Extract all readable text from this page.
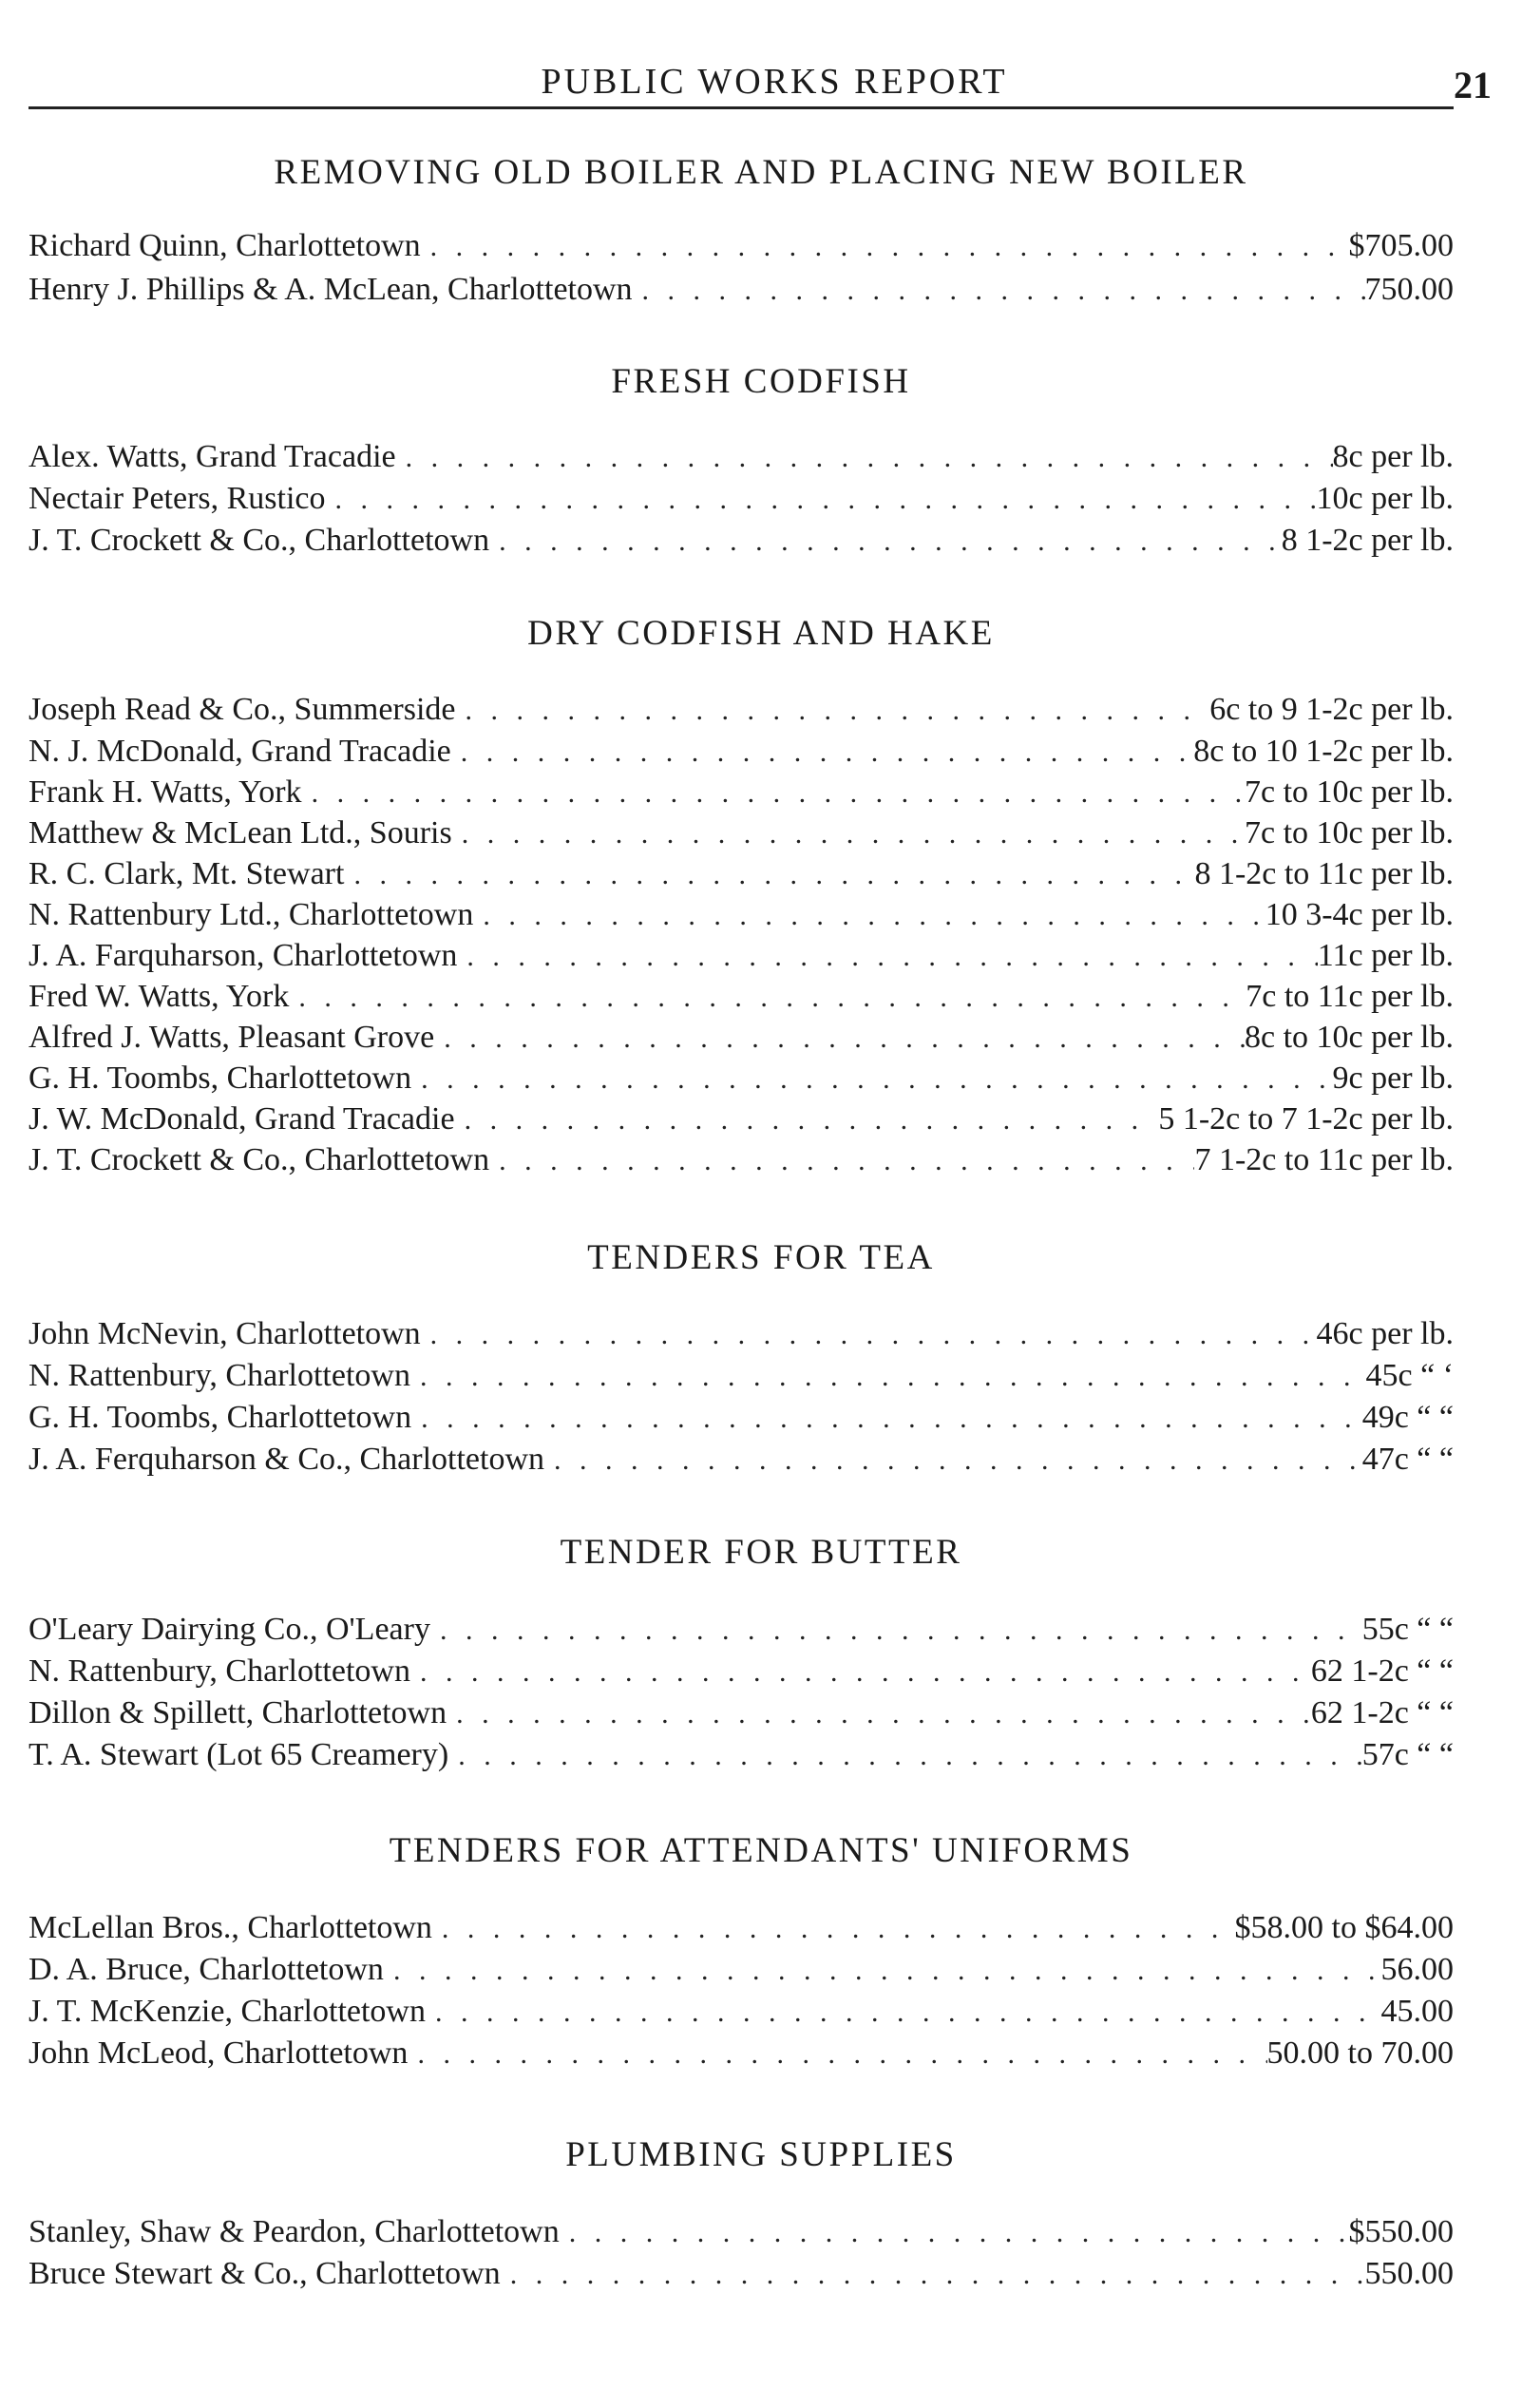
PUBLIC WORKS REPORT	21
REMOVING OLD BOILER AND PLACING NEW BOILER
Richard Quinn, Charlottetown . . .	$705.00
Henry J. Phillips & A. McLean, Charlottetown . . .	750.00
FRESH CODFISH
Alex. Watts, Grand Tracadie . . .	8c per lb.
Nectair Peters, Rustico . . .	10c per lb.
J. T. Crockett & Co., Charlottetown . . .	8 1-2c per lb.
DRY CODFISH AND HAKE
Joseph Read & Co., Summerside . . .	6c to 9 1-2c per lb.
N. J. McDonald, Grand Tracadie . . .	8c to 10 1-2c per lb.
Frank H. Watts, York . . .	7c to 10c per lb.
Matthew & McLean Ltd., Souris . . .	7c to 10c per lb.
R. C. Clark, Mt. Stewart . . .	8 1-2c to 11c per lb.
N. Rattenbury Ltd., Charlottetown . . .	10 3-4c per lb.
J. A. Farquharson, Charlottetown . . .	11c per lb.
Fred W. Watts, York . . .	7c to 11c per lb.
Alfred J. Watts, Pleasant Grove . . .	8c to 10c per lb.
G. H. Toombs, Charlottetown . . .	9c per lb.
J. W. McDonald, Grand Tracadie . . .	5 1-2c to 7 1-2c per lb.
J. T. Crockett & Co., Charlottetown . . .	7 1-2c to 11c per lb.
TENDERS FOR TEA
John McNevin, Charlottetown . . .	46c per lb.
N. Rattenbury, Charlottetown . . .	45c “ ‘
G. H. Toombs, Charlottetown . . .	49c “ “
J. A. Ferquharson & Co., Charlottetown . . .	47c “ “
TENDER FOR BUTTER
O'Leary Dairying Co., O'Leary . . .	55c “ “
N. Rattenbury, Charlottetown . . .	62 1-2c “ “
Dillon & Spillett, Charlottetown . . .	62 1-2c “ “
T. A. Stewart (Lot 65 Creamery) . . .	57c “ “
TENDERS FOR ATTENDANTS' UNIFORMS
McLellan Bros., Charlottetown . . .	$58.00 to $64.00
D. A. Bruce, Charlottetown . . .	56.00
J. T. McKenzie, Charlottetown . . .	45.00
John McLeod, Charlottetown . . .	50.00 to 70.00
PLUMBING SUPPLIES
Stanley, Shaw & Peardon, Charlottetown . . .	$550.00
Bruce Stewart & Co., Charlottetown . . .	550.00
